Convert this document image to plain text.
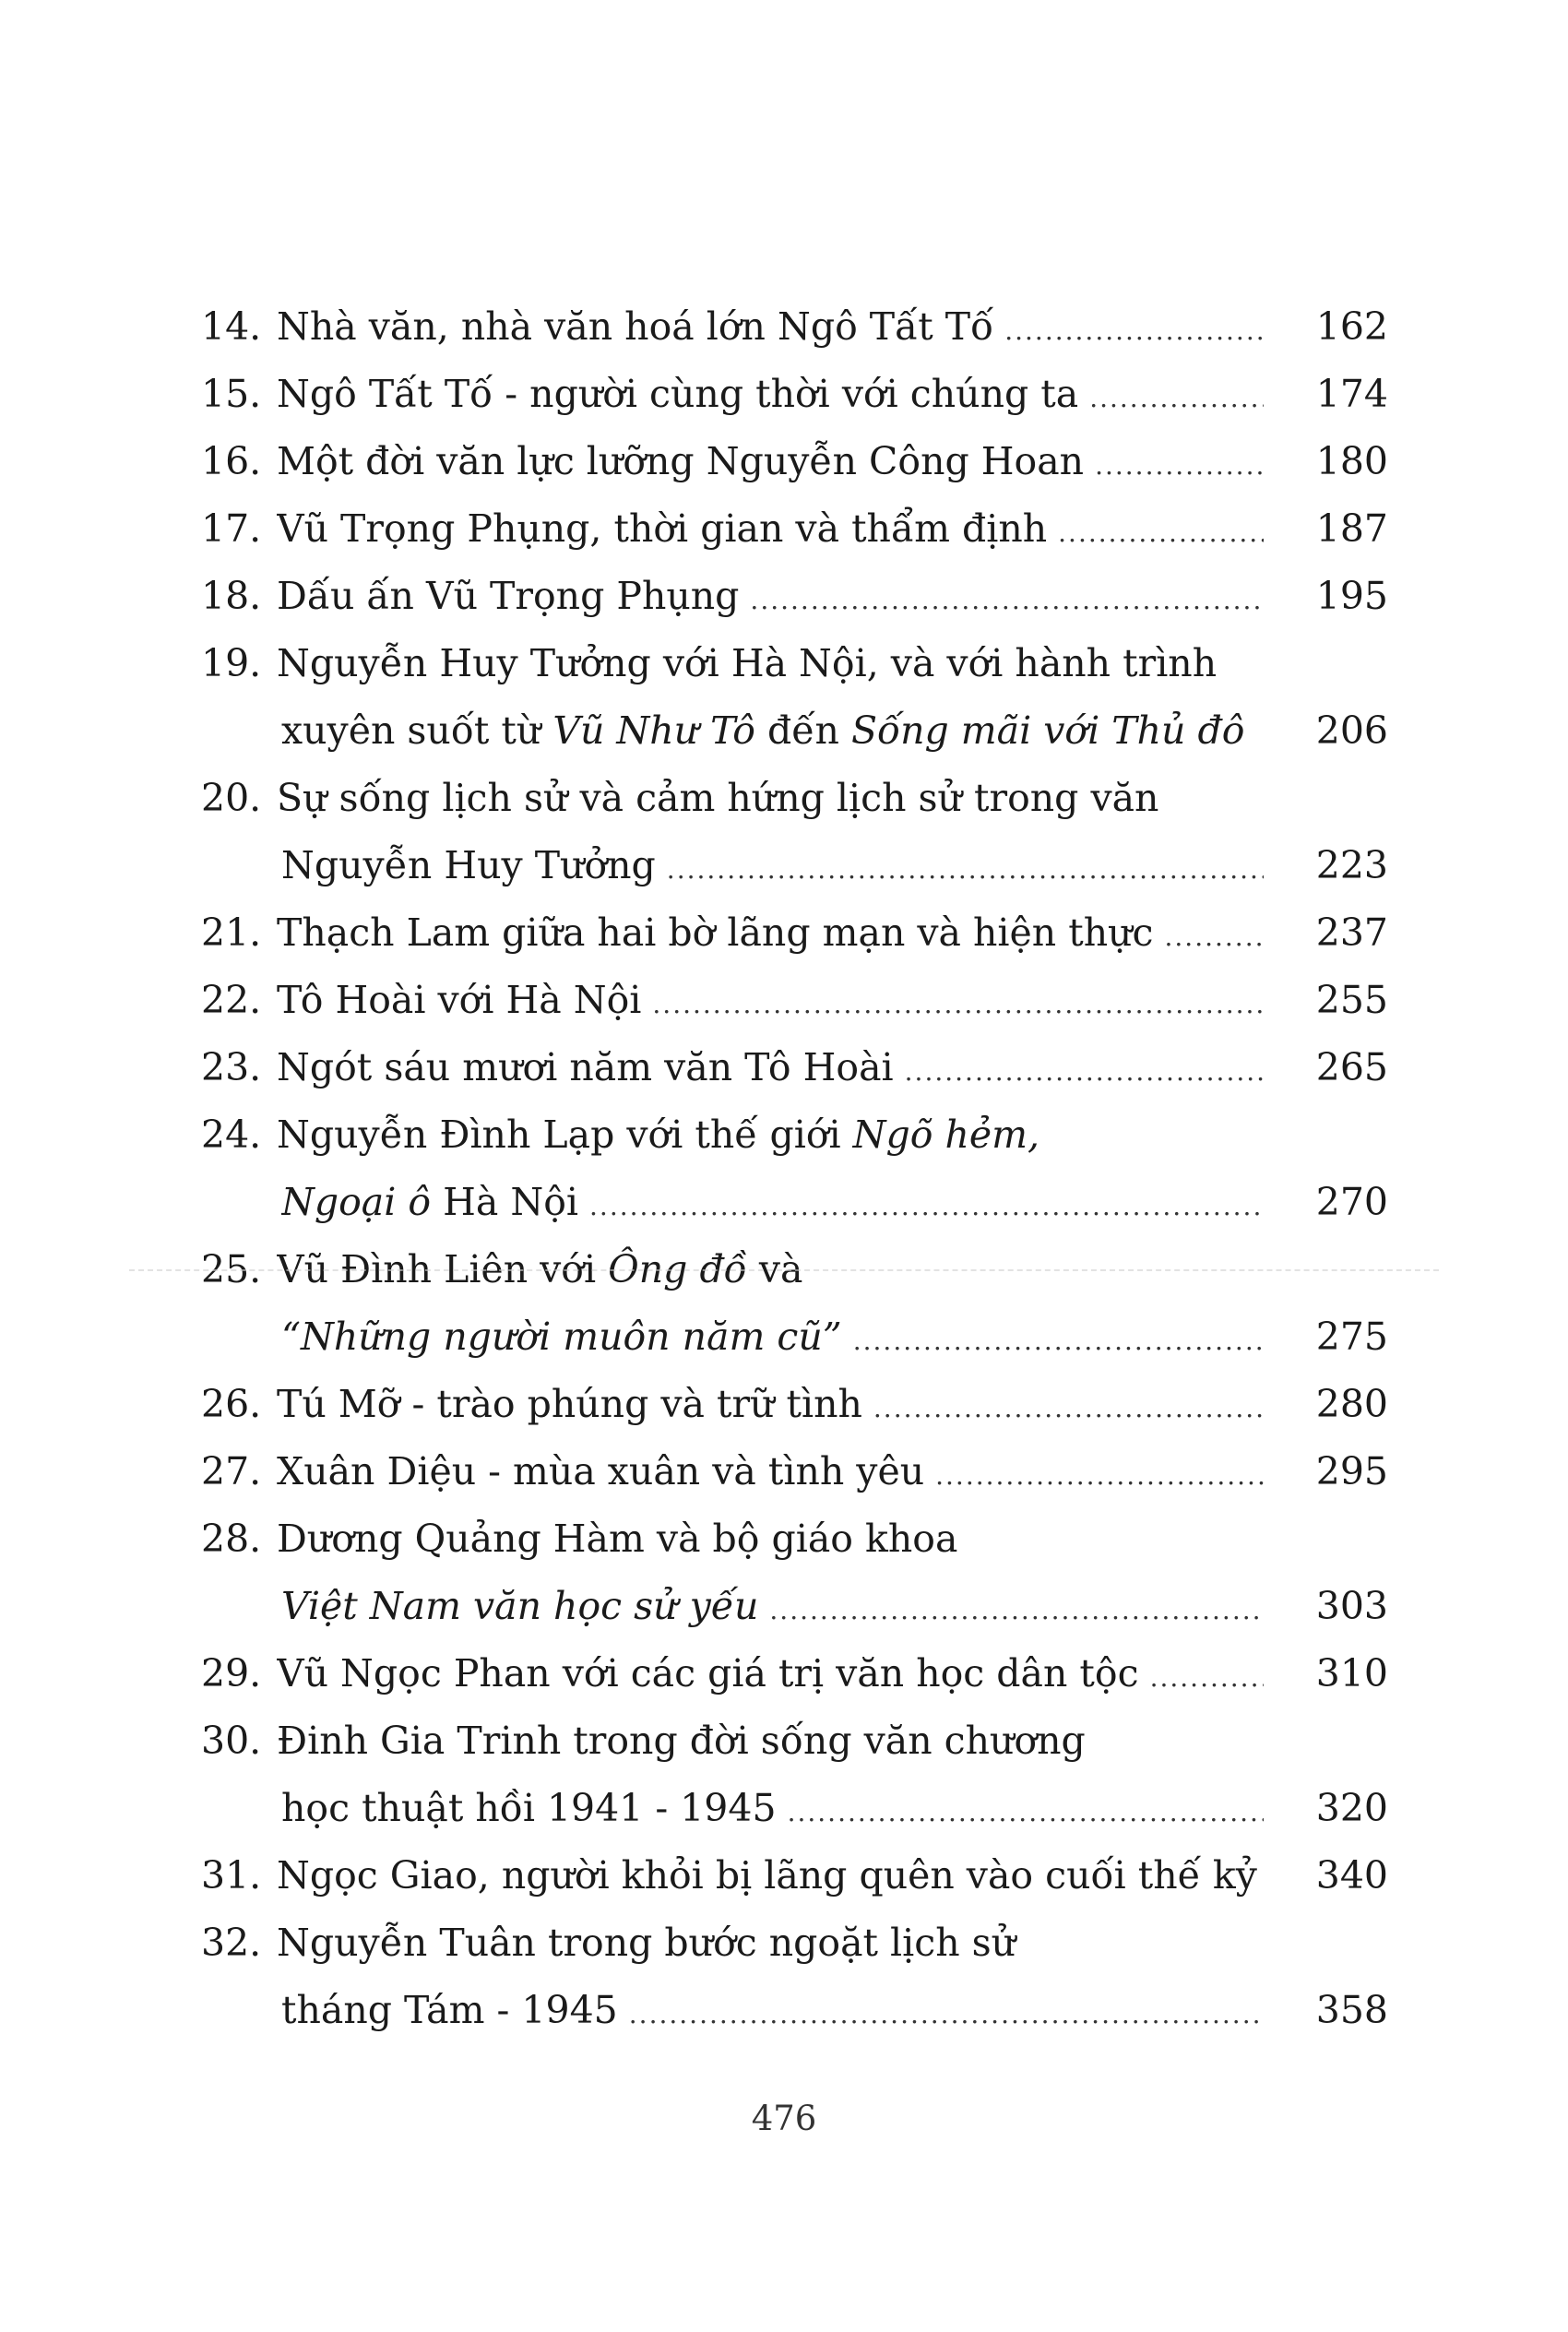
14. Nhà văn, nhà văn hoá lớn Ngô Tất Tố .....	162
15. Ngô Tất Tố - người cùng thời với chúng ta .....	174
16. Một đời văn lực lưỡng Nguyễn Công Hoan .....	180
17. Vũ Trọng Phụng, thời gian và thẩm định .....	187
18. Dấu ấn Vũ Trọng Phụng .....	195
19. Nguyễn Huy Tưởng với Hà Nội, và với hành trình
xuyên suốt từ Vũ Như Tô đến Sống mãi với Thủ đô	206
20. Sự sống lịch sử và cảm hứng lịch sử trong văn
Nguyễn Huy Tưởng .....	223
21. Thạch Lam giữa hai bờ lãng mạn và hiện thực .....	237
22. Tô Hoài với Hà Nội .....	255
23. Ngót sáu mươi năm văn Tô Hoài .....	265
24. Nguyễn Đình Lạp với thế giới Ngõ hẻm,
Ngoại ô Hà Nội .....	270
25. Vũ Đình Liên với Ông đồ và
“Những người muôn năm cũ” .....	275
26. Tú Mỡ - trào phúng và trữ tình .....	280
27. Xuân Diệu - mùa xuân và tình yêu .....	295
28. Dương Quảng Hàm và bộ giáo khoa
Việt Nam văn học sử yếu .....	303
29. Vũ Ngọc Phan với các giá trị văn học dân tộc .....	310
30. Đinh Gia Trinh trong đời sống văn chương
học thuật hồi 1941 - 1945 .....	320
31. Ngọc Giao, người khỏi bị lãng quên vào cuối thế kỷ	340
32. Nguyễn Tuân trong bước ngoặt lịch sử
tháng Tám - 1945 .....	358
476
